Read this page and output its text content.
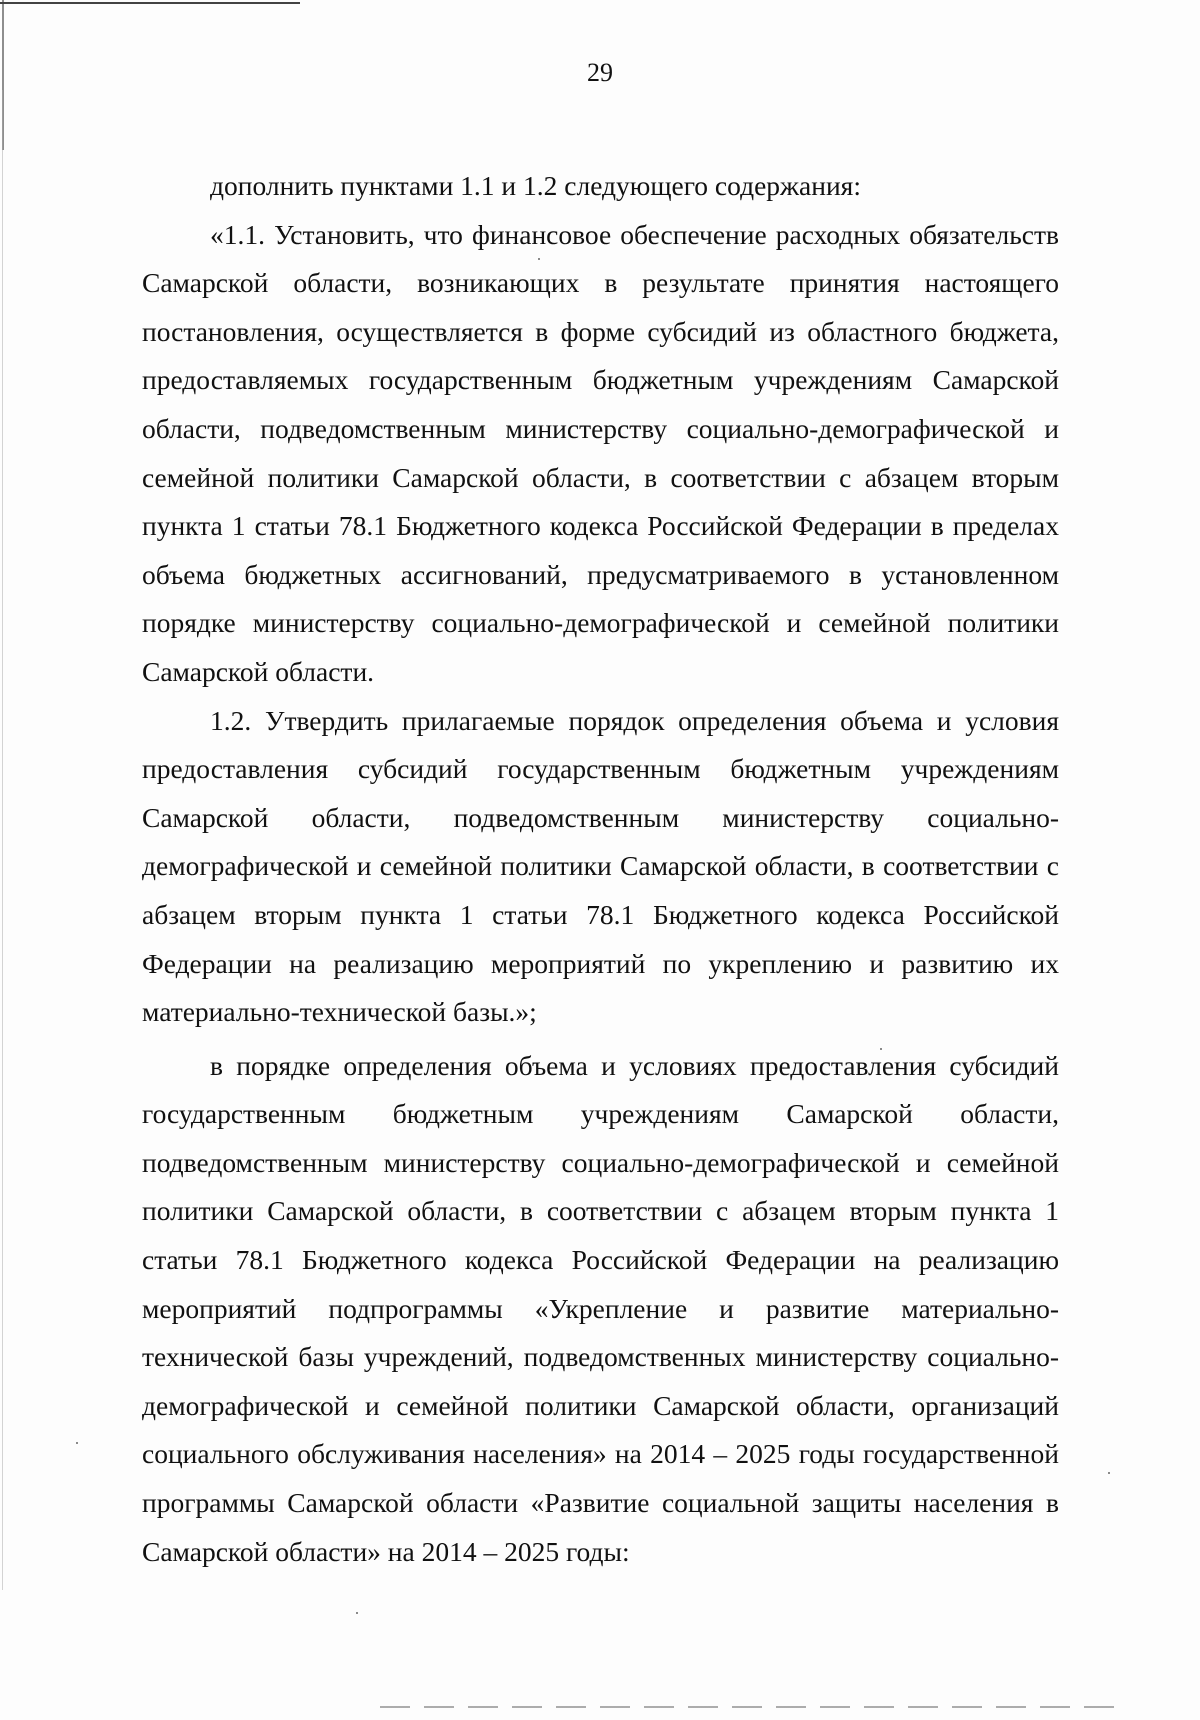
29

дополнить пунктами 1.1 и 1.2 следующего содержания:

«1.1. Установить, что финансовое обеспечение расходных обязательств Самарской области, возникающих в результате принятия настоящего постановления, осуществляется в форме субсидий из областного бюджета, предоставляемых государственным бюджетным учреждениям Самарской области, подведомственным министерству социально-демографической и семейной политики Самарской области, в соответствии с абзацем вторым пункта 1 статьи 78.1 Бюджетного кодекса Российской Федерации в пределах объема бюджетных ассигнований, предусматриваемого в установленном порядке министерству социально-демографической и семейной политики Самарской области.

1.2. Утвердить прилагаемые порядок определения объема и условия предоставления субсидий государственным бюджетным учреждениям Самарской области, подведомственным министерству социально-демографической и семейной политики Самарской области, в соответствии с абзацем вторым пункта 1 статьи 78.1 Бюджетного кодекса Российской Федерации на реализацию мероприятий по укреплению и развитию их материально-технической базы.»;

в порядке определения объема и условиях предоставления субсидий государственным бюджетным учреждениям Самарской области, подведомственным министерству социально-демографической и семейной политики Самарской области, в соответствии с абзацем вторым пункта 1 статьи 78.1 Бюджетного кодекса Российской Федерации на реализацию мероприятий подпрограммы «Укрепление и развитие материально-технической базы учреждений, подведомственных министерству социально-демографической и семейной политики Самарской области, организаций социального обслуживания населения» на 2014 – 2025 годы государственной программы Самарской области «Развитие социальной защиты населения в Самарской области» на 2014 – 2025 годы:
